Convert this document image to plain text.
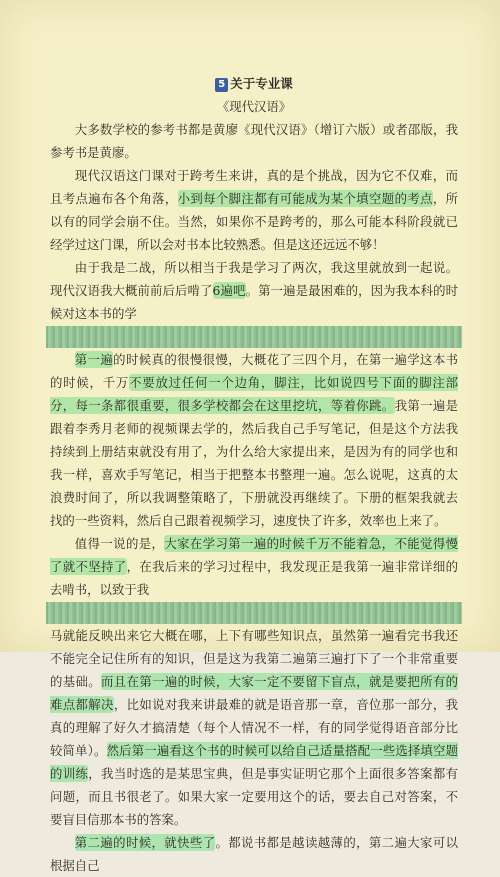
5 关于专业课
《现代汉语》

大多数学校的参考书都是黄廖《现代汉语》（增订六版）或者邵版，我参考书是黄廖。

现代汉语这门课对于跨考生来讲，真的是个挑战，因为它不仅难，而且考点遍布各个角落，小到每个脚注都有可能成为某个填空题的考点，所以有的同学会崩不住。当然，如果你不是跨考的，那么可能本科阶段就已经学过这门课，所以会对书本比较熟悉。但是这还远远不够！

由于我是二战，所以相当于我是学习了两次，我这里就放到一起说。现代汉语我大概前前后后啃了6遍吧。第一遍是最困难的，因为我本科的时候对这本书的学

第一遍的时候真的很慢很慢，大概花了三四个月，在第一遍学这本书的时候，千万不要放过任何一个边角，脚注，比如说四号下面的脚注部分，每一条都很重要，很多学校都会在这里挖坑，等着你跳。我第一遍是跟着李秀月老师的视频课去学的，然后我自己手写笔记，但是这个方法我持续到上册结束就没有用了，为什么给大家提出来，是因为有的同学也和我一样，喜欢手写笔记，相当于把整本书整理一遍。怎么说呢，这真的太浪费时间了，所以我调整策略了，下册就没再继续了。下册的框架我就去找的一些资料，然后自己跟着视频学习，速度快了许多，效率也上来了。

值得一说的是，大家在学习第一遍的时候千万不能着急，不能觉得慢了就不坚持了，在我后来的学习过程中，我发现正是我第一遍非常详细的去啃书，以致于我

马就能反映出来它大概在哪，上下有哪些知识点，虽然第一遍看完书我还不能完全记住所有的知识，但是这为我第二遍第三遍打下了一个非常重要的基础。而且在第一遍的时候，大家一定不要留下盲点，就是要把所有的难点都解决，比如说对我来讲最难的就是语音那一章，音位那一部分，我真的理解了好久才搞清楚（每个人情况不一样，有的同学觉得语音部分比较简单）。然后第一遍看这个书的时候可以给自己适量搭配一些选择填空题的训练，我当时选的是某思宝典，但是事实证明它那个上面很多答案都有问题，而且书很老了。如果大家一定要用这个的话，要去自己对答案，不要盲目信那本书的答案。

第二遍的时候，就快些了。都说书都是越读越薄的，第二遍大家可以根据自己
